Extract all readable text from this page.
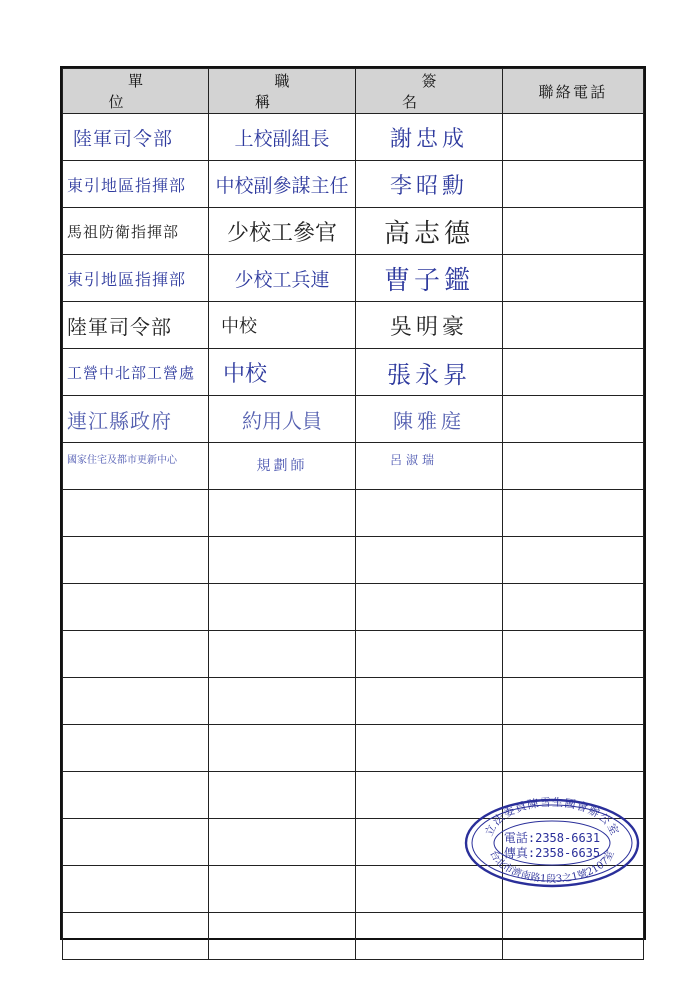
單位	職稱	簽名	聯絡電話

陸軍司令部	上校副組長	謝忠成	

東引地區指揮部	中校副參謀主任	李昭勳	

馬祖防衛指揮部	少校工參官	高志德	

東引地區指揮部	少校工兵連	曹子鑑	

陸軍司令部	中校	吳明豪	

工營中北部工營處	中校	張永昇	

連江縣政府	約用人員	陳雅庭	

國家住宅及都市更新中心	規劃師	呂淑瑞	

立法委員陳雪生國會辦公室
台北市濟南路1段3之1號2107室
電話:2358-6631
傳真:2358-6635
